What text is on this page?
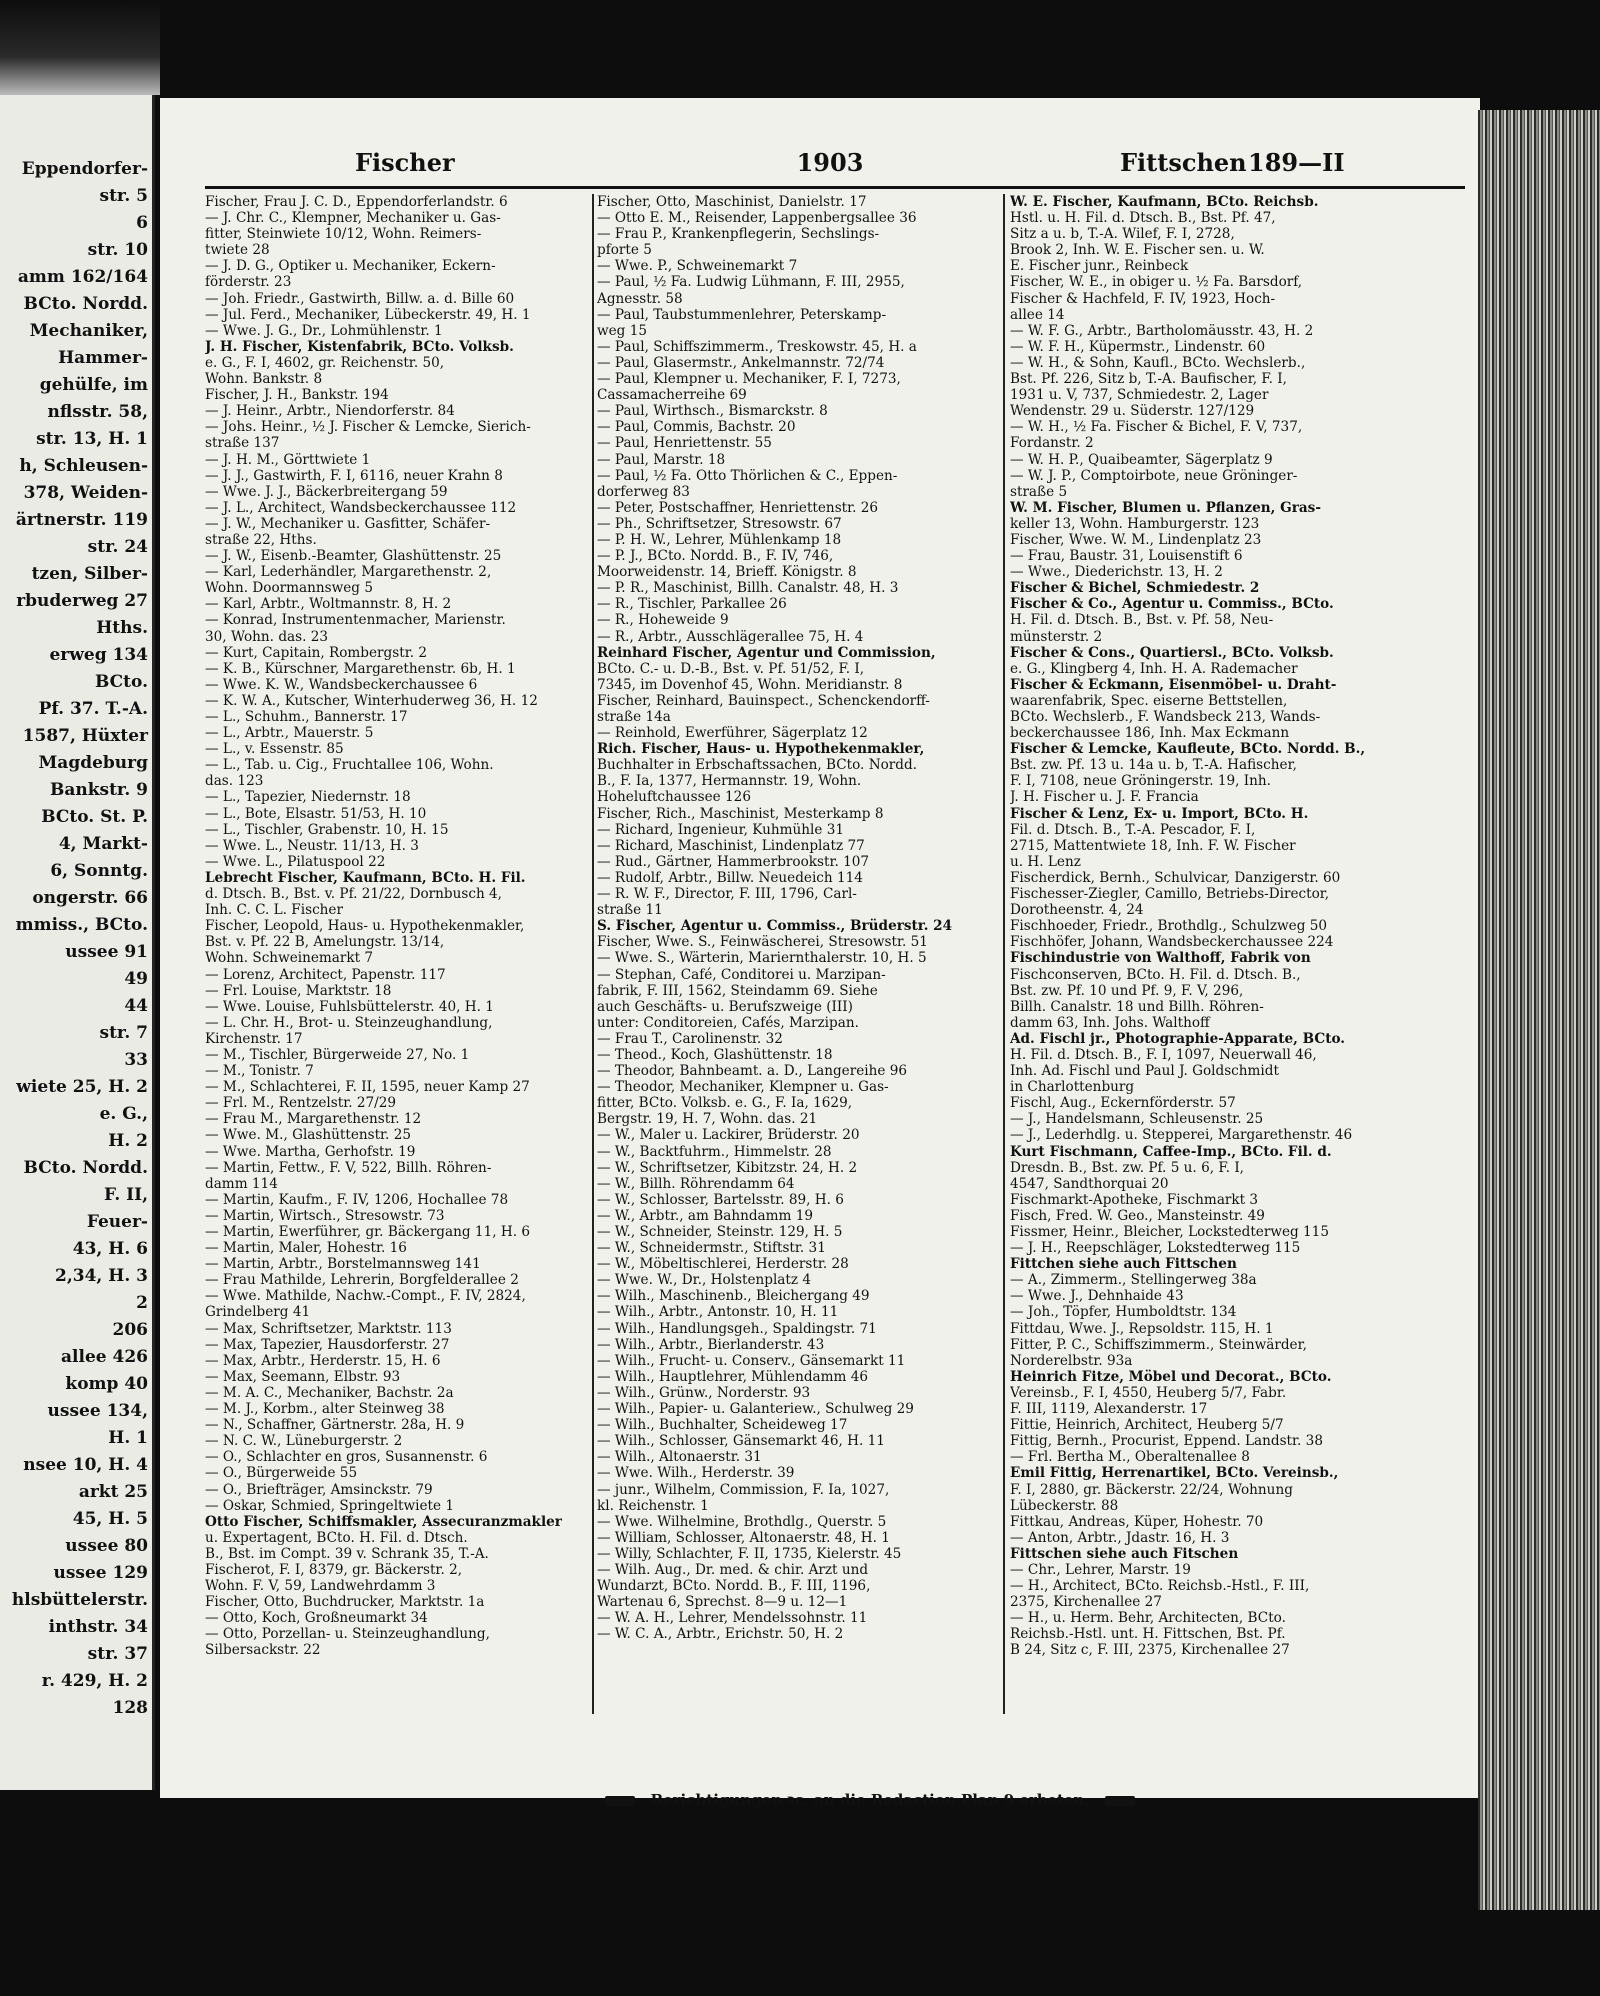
Eppendorfer-
str. 5
6
str. 10
amm 162/164
BCto. Nordd.
Mechaniker,
Hammer-
gehülfe, im
nflsstr. 58,
str. 13, H. 1
h, Schleusen-
378, Weiden-
ärtnerstr. 119
str. 24
tzen, Silber-
rbuderweg 27
Hths.
erweg 134
BCto.
Pf. 37. T.-A.
1587, Hüxter
Magdeburg
Bankstr. 9
BCto. St. P.
4, Markt-
6, Sonntg.
ongerstr. 66
mmiss., BCto.
ussee 91
49
44
str. 7
33
wiete 25, H. 2
e. G.,
H. 2
BCto. Nordd.
F. II,
Feuer-
43, H. 6
2,34, H. 3
2
206
allee 426
komp 40
ussee 134,
H. 1
nsee 10, H. 4
arkt 25
45, H. 5
ussee 80
ussee 129
hlsbüttelerstr.
inthstr. 34
str. 37
r. 429, H. 2
128
Fischer	1903	Fittschen 189—II
Fischer, Frau J. C. D., Eppendorferlandstr. 6
— J. Chr. C., Klempner, Mechaniker u. Gas-
fitter, Steinwiete 10/12, Wohn. Reimers-
twiete 28
— J. D. G., Optiker u. Mechaniker, Eckern-
förderstr. 23
— Joh. Friedr., Gastwirth, Billw. a. d. Bille 60
— Jul. Ferd., Mechaniker, Lübeckerstr. 49, H. 1
— Wwe. J. G., Dr., Lohmühlenstr. 1
J. H. Fischer, Kistenfabrik, BCto. Volksb.
e. G., F. I, 4602, gr. Reichenstr. 50,
Wohn. Bankstr. 8
Fischer, J. H., Bankstr. 194
— J. Heinr., Arbtr., Niendorferstr. 84
— Johs. Heinr., ½ J. Fischer & Lemcke, Sierich-
straße 137
— J. H. M., Görttwiete 1
— J. J., Gastwirth, F. I, 6116, neuer Krahn 8
— Wwe. J. J., Bäckerbreitergang 59
— J. L., Architect, Wandsbeckerchaussee 112
— J. W., Mechaniker u. Gasfitter, Schäfer-
straße 22, Hths.
— J. W., Eisenb.-Beamter, Glashüttenstr. 25
— Karl, Lederhändler, Margarethenstr. 2,
Wohn. Doormannsweg 5
— Karl, Arbtr., Woltmannstr. 8, H. 2
— Konrad, Instrumentenmacher, Marienstr.
30, Wohn. das. 23
— Kurt, Capitain, Rombergstr. 2
— K. B., Kürschner, Margarethenstr. 6b, H. 1
— Wwe. K. W., Wandsbeckerchaussee 6
— K. W. A., Kutscher, Winterhuderweg 36, H. 12
— L., Schuhm., Bannerstr. 17
— L., Arbtr., Mauerstr. 5
— L., v. Essenstr. 85
— L., Tab. u. Cig., Fruchtallee 106, Wohn.
das. 123
— L., Tapezier, Niedernstr. 18
— L., Bote, Elsastr. 51/53, H. 10
— L., Tischler, Grabenstr. 10, H. 15
— Wwe. L., Neustr. 11/13, H. 3
— Wwe. L., Pilatuspool 22
Lebrecht Fischer, Kaufmann, BCto. H. Fil.
d. Dtsch. B., Bst. v. Pf. 21/22, Dornbusch 4,
Inh. C. C. L. Fischer
Fischer, Leopold, Haus- u. Hypothekenmakler,
Bst. v. Pf. 22 B, Amelungstr. 13/14,
Wohn. Schweinemarkt 7
— Lorenz, Architect, Papenstr. 117
— Frl. Louise, Marktstr. 18
— Wwe. Louise, Fuhlsbüttelerstr. 40, H. 1
— L. Chr. H., Brot- u. Steinzeughandlung,
Kirchenstr. 17
— M., Tischler, Bürgerweide 27, No. 1
— M., Tonistr. 7
— M., Schlachterei, F. II, 1595, neuer Kamp 27
— Frl. M., Rentzelstr. 27/29
— Frau M., Margarethenstr. 12
— Wwe. M., Glashüttenstr. 25
— Wwe. Martha, Gerhofstr. 19
— Martin, Fettw., F. V, 522, Billh. Röhren-
damm 114
— Martin, Kaufm., F. IV, 1206, Hochallee 78
— Martin, Wirtsch., Stresowstr. 73
— Martin, Ewerführer, gr. Bäckergang 11, H. 6
— Martin, Maler, Hohestr. 16
— Martin, Arbtr., Borstelmannsweg 141
— Frau Mathilde, Lehrerin, Borgfelderallee 2
— Wwe. Mathilde, Nachw.-Compt., F. IV, 2824,
Grindelberg 41
— Max, Schriftsetzer, Marktstr. 113
— Max, Tapezier, Hausdorferstr. 27
— Max, Arbtr., Herderstr. 15, H. 6
— Max, Seemann, Elbstr. 93
— M. A. C., Mechaniker, Bachstr. 2a
— M. J., Korbm., alter Steinweg 38
— N., Schaffner, Gärtnerstr. 28a, H. 9
— N. C. W., Lüneburgerstr. 2
— O., Schlachter en gros, Susannenstr. 6
— O., Bürgerweide 55
— O., Briefträger, Amsinckstr. 79
— Oskar, Schmied, Springeltwiete 1
Otto Fischer, Schiffsmakler, Assecuranzmakler
u. Expertagent, BCto. H. Fil. d. Dtsch.
B., Bst. im Compt. 39 v. Schrank 35, T.-A.
Fischerot, F. I, 8379, gr. Bäckerstr. 2,
Wohn. F. V, 59, Landwehrdamm 3
Fischer, Otto, Buchdrucker, Marktstr. 1a
— Otto, Koch, Großneumarkt 34
— Otto, Porzellan- u. Steinzeughandlung,
Silbersackstr. 22
Fischer, Otto, Maschinist, Danielstr. 17
— Otto E. M., Reisender, Lappenbergsallee 36
— Frau P., Krankenpflegerin, Sechslings-
pforte 5
— Wwe. P., Schweinemarkt 7
— Paul, ½ Fa. Ludwig Lühmann, F. III, 2955,
Agnesstr. 58
— Paul, Taubstummenlehrer, Peterskamp-
weg 15
— Paul, Schiffszimmerm., Treskowstr. 45, H. a
— Paul, Glasermstr., Ankelmannstr. 72/74
— Paul, Klempner u. Mechaniker, F. I, 7273,
Cassamacherreihe 69
— Paul, Wirthsch., Bismarckstr. 8
— Paul, Commis, Bachstr. 20
— Paul, Henriettenstr. 55
— Paul, Marstr. 18
— Paul, ½ Fa. Otto Thörlichen & C., Eppen-
dorferweg 83
— Peter, Postschaffner, Henriettenstr. 26
— Ph., Schriftsetzer, Stresowstr. 67
— P. H. W., Lehrer, Mühlenkamp 18
— P. J., BCto. Nordd. B., F. IV, 746,
Moorweidenstr. 14, Brieff. Königstr. 8
— P. R., Maschinist, Billh. Canalstr. 48, H. 3
— R., Tischler, Parkallee 26
— R., Hoheweide 9
— R., Arbtr., Ausschlägerallee 75, H. 4
Reinhard Fischer, Agentur und Commission,
BCto. C.- u. D.-B., Bst. v. Pf. 51/52, F. I,
7345, im Dovenhof 45, Wohn. Meridianstr. 8
Fischer, Reinhard, Bauinspect., Schenckendorff-
straße 14a
— Reinhold, Ewerführer, Sägerplatz 12
Rich. Fischer, Haus- u. Hypothekenmakler,
Buchhalter in Erbschaftssachen, BCto. Nordd.
B., F. Ia, 1377, Hermannstr. 19, Wohn.
Hoheluftchaussee 126
Fischer, Rich., Maschinist, Mesterkamp 8
— Richard, Ingenieur, Kuhmühle 31
— Richard, Maschinist, Lindenplatz 77
— Rud., Gärtner, Hammerbrookstr. 107
— Rudolf, Arbtr., Billw. Neuedeich 114
— R. W. F., Director, F. III, 1796, Carl-
straße 11
S. Fischer, Agentur u. Commiss., Brüderstr. 24
Fischer, Wwe. S., Feinwäscherei, Stresowstr. 51
— Wwe. S., Wärterin, Mariernthalerstr. 10, H. 5
— Stephan, Café, Conditorei u. Marzipan-
fabrik, F. III, 1562, Steindamm 69. Siehe
auch Geschäfts- u. Berufszweige (III)
unter: Conditoreien, Cafés, Marzipan.
— Frau T., Carolinenstr. 32
— Theod., Koch, Glashüttenstr. 18
— Theodor, Bahnbeamt. a. D., Langereihe 96
— Theodor, Mechaniker, Klempner u. Gas-
fitter, BCto. Volksb. e. G., F. Ia, 1629,
Bergstr. 19, H. 7, Wohn. das. 21
— W., Maler u. Lackirer, Brüderstr. 20
— W., Backtfuhrm., Himmelstr. 28
— W., Schriftsetzer, Kibitzstr. 24, H. 2
— W., Billh. Röhrendamm 64
— W., Schlosser, Bartelsstr. 89, H. 6
— W., Arbtr., am Bahndamm 19
— W., Schneider, Steinstr. 129, H. 5
— W., Schneidermstr., Stiftstr. 31
— W., Möbeltischlerei, Herderstr. 28
— Wwe. W., Dr., Holstenplatz 4
— Wilh., Maschinenb., Bleichergang 49
— Wilh., Arbtr., Antonstr. 10, H. 11
— Wilh., Handlungsgeh., Spaldingstr. 71
— Wilh., Arbtr., Bierlanderstr. 43
— Wilh., Frucht- u. Conserv., Gänsemarkt 11
— Wilh., Hauptlehrer, Mühlendamm 46
— Wilh., Grünw., Norderstr. 93
— Wilh., Papier- u. Galanteriew., Schulweg 29
— Wilh., Buchhalter, Scheideweg 17
— Wilh., Schlosser, Gänsemarkt 46, H. 11
— Wilh., Altonaerstr. 31
— Wwe. Wilh., Herderstr. 39
— junr., Wilhelm, Commission, F. Ia, 1027,
kl. Reichenstr. 1
— Wwe. Wilhelmine, Brothdlg., Querstr. 5
— William, Schlosser, Altonaerstr. 48, H. 1
— Willy, Schlachter, F. II, 1735, Kielerstr. 45
— Wilh. Aug., Dr. med. & chir. Arzt und
Wundarzt, BCto. Nordd. B., F. III, 1196,
Wartenau 6, Sprechst. 8—9 u. 12—1
— W. A. H., Lehrer, Mendelssohnstr. 11
— W. C. A., Arbtr., Erichstr. 50, H. 2
W. E. Fischer, Kaufmann, BCto. Reichsb.
Hstl. u. H. Fil. d. Dtsch. B., Bst. Pf. 47,
Sitz a u. b, T.-A. Wilef, F. I, 2728,
Brook 2, Inh. W. E. Fischer sen. u. W.
E. Fischer junr., Reinbeck
Fischer, W. E., in obiger u. ½ Fa. Barsdorf,
Fischer & Hachfeld, F. IV, 1923, Hoch-
allee 14
— W. F. G., Arbtr., Bartholomäusstr. 43, H. 2
— W. F. H., Küpermstr., Lindenstr. 60
— W. H., & Sohn, Kaufl., BCto. Wechslerb.,
Bst. Pf. 226, Sitz b, T.-A. Baufischer, F. I,
1931 u. V, 737, Schmiedestr. 2, Lager
Wendenstr. 29 u. Süderstr. 127/129
— W. H., ½ Fa. Fischer & Bichel, F. V, 737,
Fordanstr. 2
— W. H. P., Quaibeamter, Sägerplatz 9
— W. J. P., Comptoirbote, neue Gröninger-
straße 5
W. M. Fischer, Blumen u. Pflanzen, Gras-
keller 13, Wohn. Hamburgerstr. 123
Fischer, Wwe. W. M., Lindenplatz 23
— Frau, Baustr. 31, Louisenstift 6
— Wwe., Diederichstr. 13, H. 2
Fischer & Bichel, Schmiedestr. 2
Fischer & Co., Agentur u. Commiss., BCto.
H. Fil. d. Dtsch. B., Bst. v. Pf. 58, Neu-
münsterstr. 2
Fischer & Cons., Quartiersl., BCto. Volksb.
e. G., Klingberg 4, Inh. H. A. Rademacher
Fischer & Eckmann, Eisenmöbel- u. Draht-
waarenfabrik, Spec. eiserne Bettstellen,
BCto. Wechslerb., F. Wandsbeck 213, Wands-
beckerchaussee 186, Inh. Max Eckmann
Fischer & Lemcke, Kaufleute, BCto. Nordd. B.,
Bst. zw. Pf. 13 u. 14a u. b, T.-A. Hafischer,
F. I, 7108, neue Gröningerstr. 19, Inh.
J. H. Fischer u. J. F. Francia
Fischer & Lenz, Ex- u. Import, BCto. H.
Fil. d. Dtsch. B., T.-A. Pescador, F. I,
2715, Mattentwiete 18, Inh. F. W. Fischer
u. H. Lenz
Fischerdick, Bernh., Schulvicar, Danzigerstr. 60
Fischesser-Ziegler, Camillo, Betriebs-Director,
Dorotheenstr. 4, 24
Fischhoeder, Friedr., Brothdlg., Schulzweg 50
Fischhöfer, Johann, Wandsbeckerchaussee 224
Fischindustrie von Walthoff, Fabrik von
Fischconserven, BCto. H. Fil. d. Dtsch. B.,
Bst. zw. Pf. 10 und Pf. 9, F. V, 296,
Billh. Canalstr. 18 und Billh. Röhren-
damm 63, Inh. Johs. Walthoff
Ad. Fischl jr., Photographie-Apparate, BCto.
H. Fil. d. Dtsch. B., F. I, 1097, Neuerwall 46,
Inh. Ad. Fischl und Paul J. Goldschmidt
in Charlottenburg
Fischl, Aug., Eckernförderstr. 57
— J., Handelsmann, Schleusenstr. 25
— J., Lederhdlg. u. Stepperei, Margarethenstr. 46
Kurt Fischmann, Caffee-Imp., BCto. Fil. d.
Dresdn. B., Bst. zw. Pf. 5 u. 6, F. I,
4547, Sandthorquai 20
Fischmarkt-Apotheke, Fischmarkt 3
Fisch, Fred. W. Geo., Mansteinstr. 49
Fissmer, Heinr., Bleicher, Lockstedterweg 115
— J. H., Reepschläger, Lokstedterweg 115
Fittchen siehe auch Fittschen
— A., Zimmerm., Stellingerweg 38a
— Wwe. J., Dehnhaide 43
— Joh., Töpfer, Humboldtstr. 134
Fittdau, Wwe. J., Repsoldstr. 115, H. 1
Fitter, P. C., Schiffszimmerm., Steinwärder,
Norderelbstr. 93a
Heinrich Fitze, Möbel und Decorat., BCto.
Vereinsb., F. I, 4550, Heuberg 5/7, Fabr.
F. III, 1119, Alexanderstr. 17
Fittie, Heinrich, Architect, Heuberg 5/7
Fittig, Bernh., Procurist, Eppend. Landstr. 38
— Frl. Bertha M., Oberaltenallee 8
Emil Fittig, Herrenartikel, BCto. Vereinsb.,
F. I, 2880, gr. Bäckerstr. 22/24, Wohnung
Lübeckerstr. 88
Fittkau, Andreas, Küper, Hohestr. 70
— Anton, Arbtr., Jdastr. 16, H. 3
Fittschen siehe auch Fitschen
— Chr., Lehrer, Marstr. 19
— H., Architect, BCto. Reichsb.-Hstl., F. III,
2375, Kirchenallee 27
— H., u. Herm. Behr, Architecten, BCto.
Reichsb.-Hstl. unt. H. Fittschen, Bst. Pf.
B 24, Sitz c, F. III, 2375, Kirchenallee 27
Berichtigungen ꝛc. an die Redaction Plan 9 erbeten.
